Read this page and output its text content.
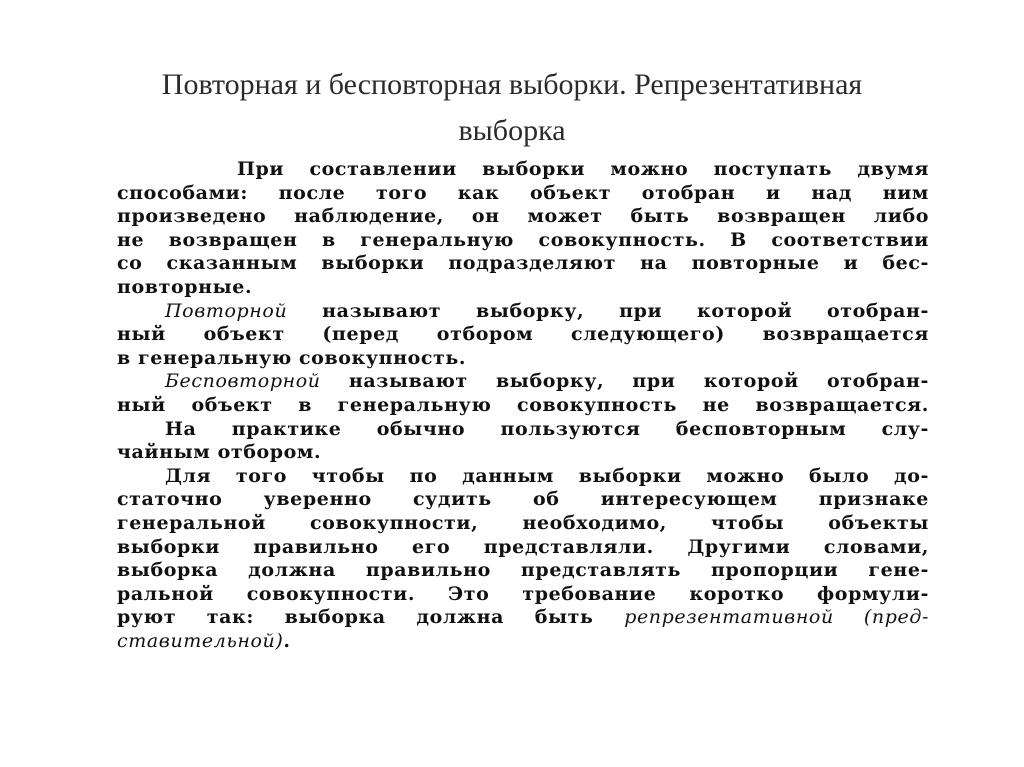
Повторная и бесповторная выборки. Репрезентативная
выборка
При составлении выборки можно поступать двумя
способами: после того как объект отобран и над ним
произведено наблюдение, он может быть возвращен либо
не возвращен в генеральную совокупность. В соответствии
со сказанным выборки подразделяют на повторные и бес-
повторные.
Повторной называют выборку, при которой отобран-
ный объект (перед отбором следующего) возвращается
в генеральную совокупность.
Бесповторной называют выборку, при которой отобран-
ный объект в генеральную совокупность не возвращается.
На практике обычно пользуются бесповторным слу-
чайным отбором.
Для того чтобы по данным выборки можно было до-
статочно уверенно судить об интересующем признаке
генеральной совокупности, необходимо, чтобы объекты
выборки правильно его представляли. Другими словами,
выборка должна правильно представлять пропорции гене-
ральной совокупности. Это требование коротко формули-
руют так: выборка должна быть репрезентативной (пред-
ставительной).
